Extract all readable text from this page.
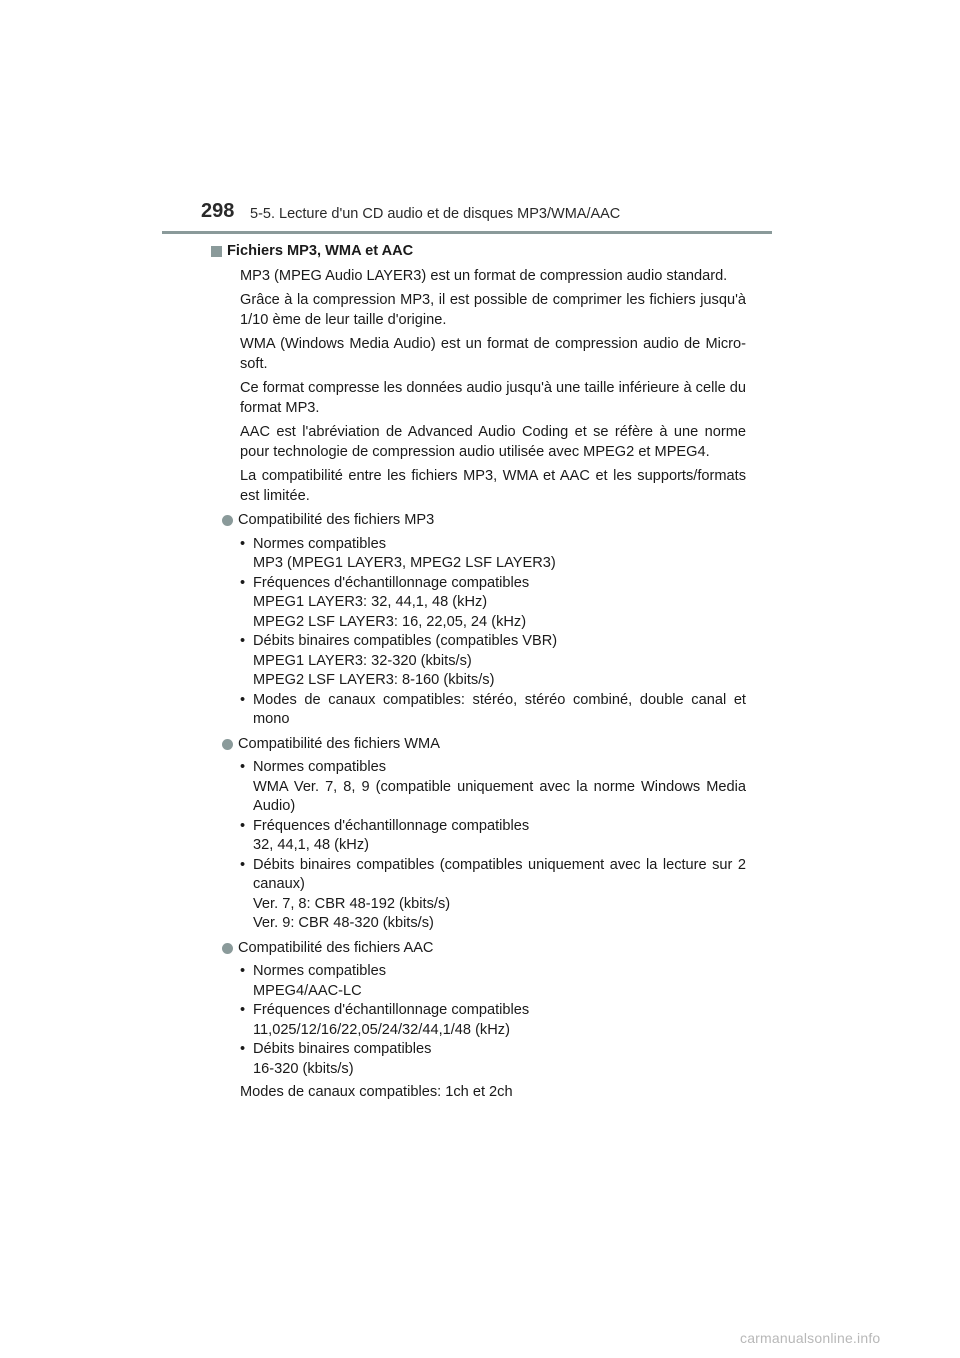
298 5-5. Lecture d'un CD audio et de disques MP3/WMA/AAC
Fichiers MP3, WMA et AAC

MP3 (MPEG Audio LAYER3) est un format de compression audio standard.

Grâce à la compression MP3, il est possible de comprimer les fichiers jusqu'à 1/10 ème de leur taille d'origine.

WMA (Windows Media Audio) est un format de compression audio de Micro-soft.

Ce format compresse les données audio jusqu'à une taille inférieure à celle du format MP3.

AAC est l'abréviation de Advanced Audio Coding et se réfère à une norme pour technologie de compression audio utilisée avec MPEG2 et MPEG4.

La compatibilité entre les fichiers MP3, WMA et AAC et les supports/formats est limitée.

Compatibilité des fichiers MP3
• Normes compatibles
MP3 (MPEG1 LAYER3, MPEG2 LSF LAYER3)
• Fréquences d'échantillonnage compatibles
MPEG1 LAYER3: 32, 44,1, 48 (kHz)
MPEG2 LSF LAYER3: 16, 22,05, 24 (kHz)
• Débits binaires compatibles (compatibles VBR)
MPEG1 LAYER3: 32-320 (kbits/s)
MPEG2 LSF LAYER3: 8-160 (kbits/s)
• Modes de canaux compatibles: stéréo, stéréo combiné, double canal et mono
Compatibilité des fichiers WMA
• Normes compatibles
WMA Ver. 7, 8, 9 (compatible uniquement avec la norme Windows Media Audio)
• Fréquences d'échantillonnage compatibles
32, 44,1, 48 (kHz)
• Débits binaires compatibles (compatibles uniquement avec la lecture sur 2 canaux)
Ver. 7, 8: CBR 48-192 (kbits/s)
Ver. 9: CBR 48-320 (kbits/s)
Compatibilité des fichiers AAC
• Normes compatibles
MPEG4/AAC-LC
• Fréquences d'échantillonnage compatibles
11,025/12/16/22,05/24/32/44,1/48 (kHz)
• Débits binaires compatibles
16-320 (kbits/s)
Modes de canaux compatibles: 1ch et 2ch
carmanualsonline.info
